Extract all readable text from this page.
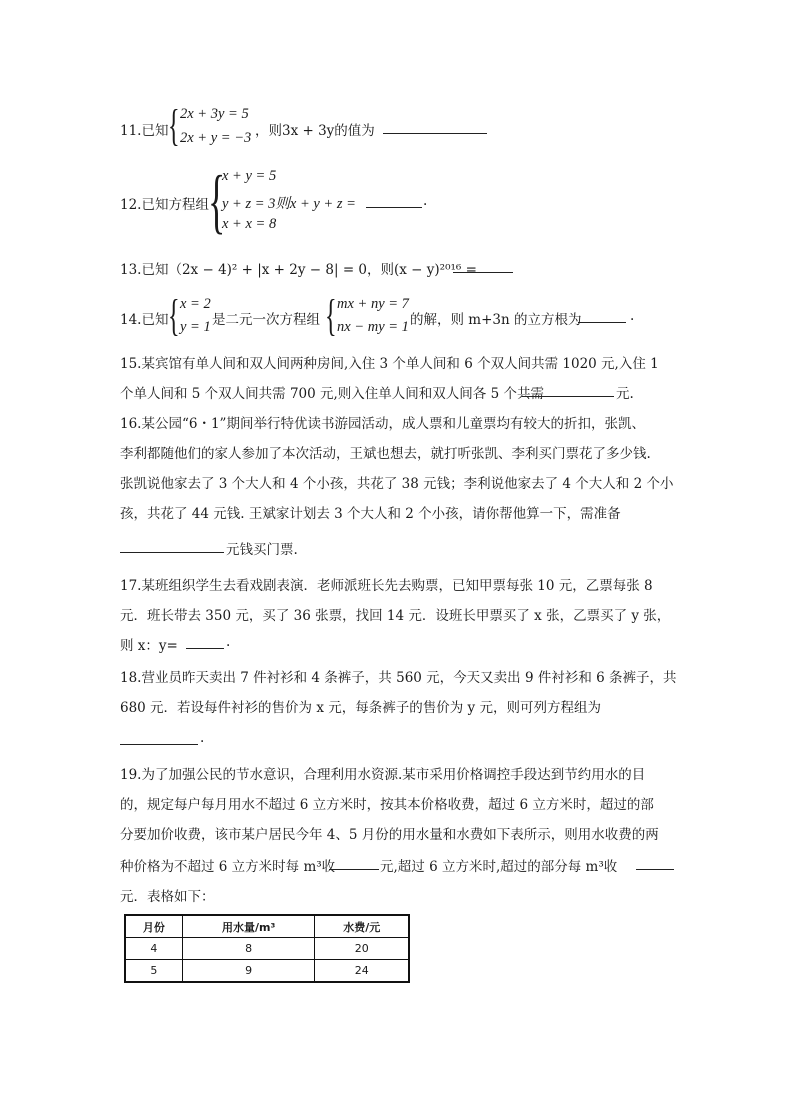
11.已知 { 2x + 3y = 5
2x + y = −3 ，则3x + 3y的值为
12.已知方程组 {
x + y = 5
y + z = 3则x + y + z =
x + x = 8
.
13.已知（2x − 4)² + |x + 2y − 8| = 0，则(x − y)²⁰¹⁶ =
14.已知 { x = 2
y = 1 是二元一次方程组 { mx + ny = 7
nx − my = 1 的解，则 m+3n 的立方根为	.
15.某宾馆有单人间和双人间两种房间,入住 3 个单人间和 6 个双人间共需 1020 元,入住 1
个单人间和 5 个双人间共需 700 元,则入住单人间和双人间各 5 个共需	元.
16.某公园“6・1”期间举行特优读书游园活动，成人票和儿童票均有较大的折扣，张凯、
李利都随他们的家人参加了本次活动，王斌也想去，就打听张凯、李利买门票花了多少钱.
张凯说他家去了 3 个大人和 4 个小孩，共花了 38 元钱；李利说他家去了 4 个大人和 2 个小
孩，共花了 44 元钱. 王斌家计划去 3 个大人和 2 个小孩，请你帮他算一下，需准备
元钱买门票.
17.某班组织学生去看戏剧表演．老师派班长先去购票，已知甲票每张 10 元，乙票每张 8
元．班长带去 350 元，买了 36 张票，找回 14 元．设班长甲票买了 x 张，乙票买了 y 张，
则 x：y=	.
18.营业员昨天卖出 7 件衬衫和 4 条裤子，共 560 元，今天又卖出 9 件衬衫和 6 条裤子，共
680 元．若设每件衬衫的售价为 x 元，每条裤子的售价为 y 元，则可列方程组为
.
19.为了加强公民的节水意识，合理利用水资源.某市采用价格调控手段达到节约用水的目
的，规定每户每月用水不超过 6 立方米时，按其本价格收费，超过 6 立方米时，超过的部
分要加价收费，该市某户居民今年 4、5 月份的用水量和水费如下表所示，则用水收费的两
种价格为不超过 6 立方米时每 m³收	元,超过 6 立方米时,超过的部分每 m³收
元．表格如下：
月份	用水量/m³	水费/元
4	8	20
5	9	24
